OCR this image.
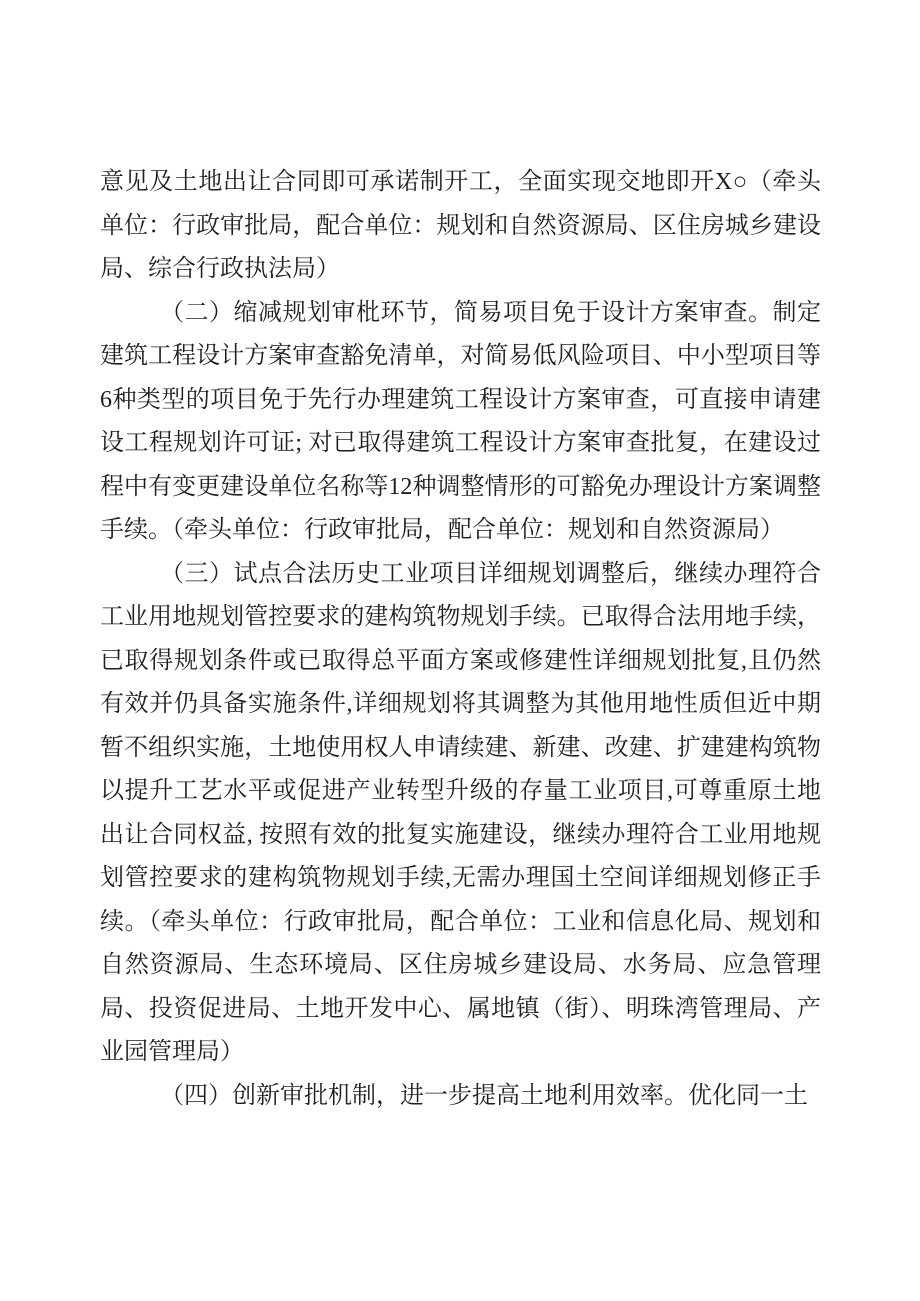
意见及土地出让合同即可承诺制开工，全面实现交地即开X○（牵头单位：行政审批局，配合单位：规划和自然资源局、区住房城乡建设局、综合行政执法局）

（二）缩减规划审枇环节，简易项目免于设计方案审查。制定建筑工程设计方案审查豁免清单，对简易低风险项目、中小型项目等6种类型的项目免于先行办理建筑工程设计方案审查，可直接申请建设工程规划许可证; 对已取得建筑工程设计方案审查批复，在建设过程中有变更建设单位名称等12种调整情形的可豁免办理设计方案调整手续。（牵头单位：行政审批局，配合单位：规划和自然资源局）

（三）试点合法历史工业项目详细规划调整后，继续办理符合工业用地规划管控要求的建构筑物规划手续。已取得合法用地手续，已取得规划条件或已取得总平面方案或修建性详细规划批复,且仍然有效并仍具备实施条件,详细规划将其调整为其他用地性质但近中期暂不组织实施，土地使用权人申请续建、新建、改建、扩建建构筑物以提升工艺水平或促进产业转型升级的存量工业项目,可尊重原土地出让合同权益, 按照有效的批复实施建设，继续办理符合工业用地规划管控要求的建构筑物规划手续,无需办理国土空间详细规划修正手续。（牵头单位：行政审批局，配合单位：工业和信息化局、规划和自然资源局、生态环境局、区住房城乡建设局、水务局、应急管理局、投资促进局、土地开发中心、属地镇（街）、明珠湾管理局、产业园管理局）

（四）创新审批机制，进一步提高土地利用效率。优化同一土
